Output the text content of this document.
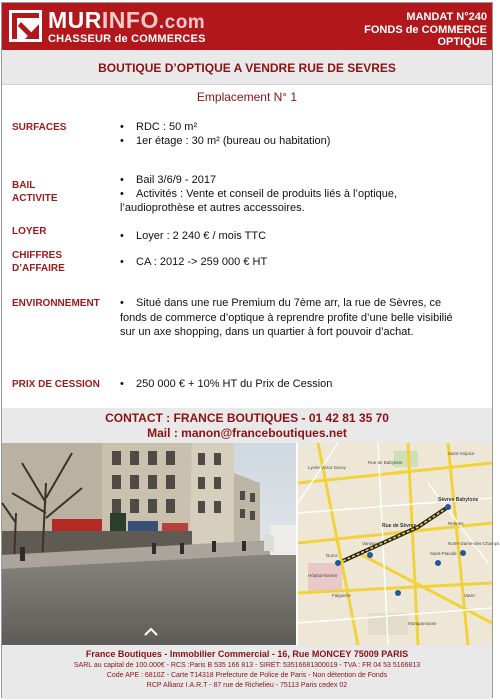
MURINFO.com
CHASSEUR de COMMERCES
MANDAT N°240
FONDS de COMMERCE
OPTIQUE
BOUTIQUE D’OPTIQUE A VENDRE RUE DE SEVRES
Emplacement N° 1
SURFACES	• RDC : 50 m²
• 1er étage : 30 m² (bureau ou habitation)
BAIL
ACTIVITE
• Bail 3/6/9 - 2017
• Activités : Vente et conseil de produits liés à l’optique, l’audioprothèse et autres accessoires.
LOYER	• Loyer : 2 240 € / mois TTC
CHIFFRES
D’AFFAIRE	• CA : 2012 -> 259 000 € HT
ENVIRONNEMENT • Situé dans une rue Premium du 7ème arr, la rue de Sèvres, ce fonds de commerce d’optique à reprendre profite d’une belle visibilié sur un axe shopping, dans un quartier à fort pouvoir d’achat.
PRIX DE CESSION • 250 000 € + 10% HT du Prix de Cession
CONTACT : FRANCE BOUTIQUES - 01 42 81 35 70
Mail : manon@franceboutiques.net
Rue de Babylone
Sèvres Babylone
Vaneau
Duroc	Saint-Placide
Notre-Dame-des-Champs
Falguière
Lycée Victor Duruy
Saint-Sulpice
Rennes
Hôpital Necker
Montparnasse
Vavin
Rue de Sèvres
France Boutiques - Immobilier Commercial - 16, Rue MONCEY 75009 PARIS
SARL au capital de 100.000€ - RCS :Paris B 535 166 813 - SIRET: 53516681300019 - TVA : FR 04 53 5166813
Code APE : 6810Z - Carte T14318 Prefecture de Police de Paris - Non détention de Fonds
RCP Allianz I.A.R.T - 87 rue de Richelieu - 75113 Paris cedex 02
